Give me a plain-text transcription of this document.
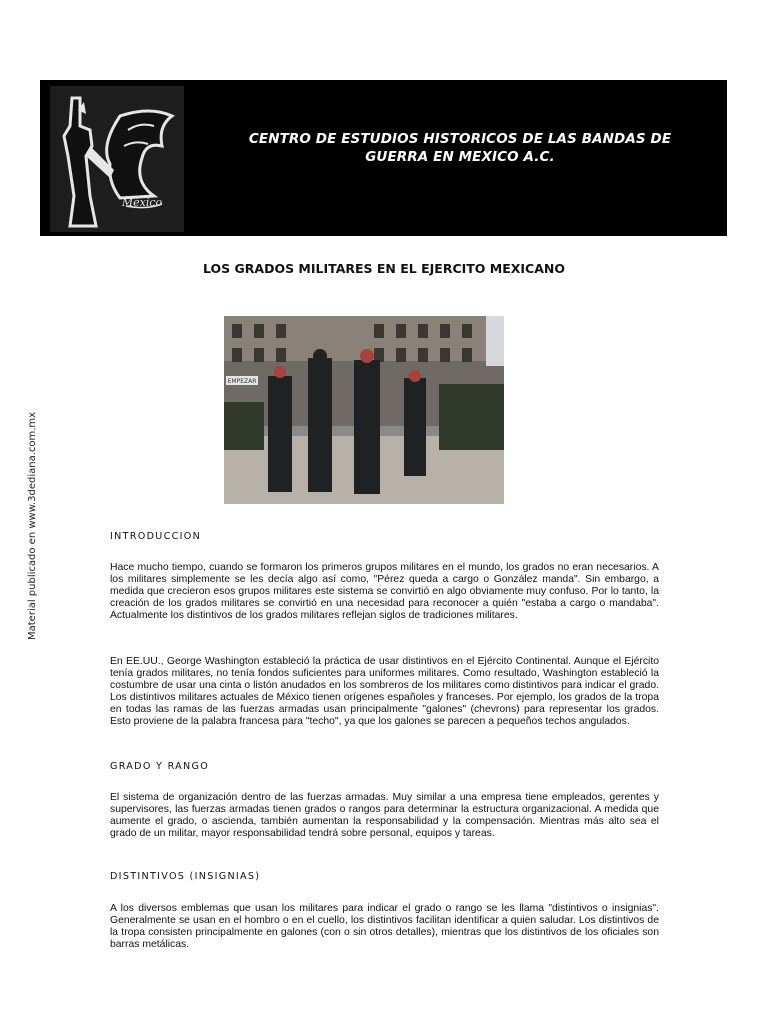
México
CENTRO DE ESTUDIOS HISTORICOS DE LAS BANDAS DE
GUERRA EN MEXICO A.C.
LOS GRADOS MILITARES EN EL EJERCITO MEXICANO
EMPEZAR
Material publicado en www.3dediana.com.mx	INTRODUCCION

Hace mucho tiempo, cuando se formaron los primeros grupos militares en el mundo, los grados no eran necesarios. A los militares simplemente se les decía algo así como, "Pérez queda a cargo o González manda". Sin embargo, a medida que crecieron esos grupos militares este sistema se convirtió en algo obviamente muy confuso. Por lo tanto, la creación de los grados militares se convirtió en una necesidad para reconocer a quién "estaba a cargo o mandaba". Actualmente los distintivos de los grados militares reflejan siglos de tradiciones militares.

En EE.UU., George Washington estableció la práctica de usar distintivos en el Ejército Continental. Aunque el Ejército tenía grados militares, no tenía fondos suficientes para uniformes militares. Como resultado, Washington estableció la costumbre de usar una cinta o listón anudados en los sombreros de los militares como distintivos para indicar el grado. Los distintivos militares actuales de México tienen orígenes españoles y franceses. Por ejemplo, los grados de la tropa en todas las ramas de las fuerzas armadas usan principalmente "galones" (chevrons) para representar los grados. Esto proviene de la palabra francesa para "techo", ya que los galones se parecen a pequeños techos angulados.

GRADO Y RANGO

El sistema de organización dentro de las fuerzas armadas. Muy similar a una empresa tiene empleados, gerentes y supervisores, las fuerzas armadas tienen grados o rangos para determinar la estructura organizacional. A medida que aumente el grado, o ascienda, también aumentan la responsabilidad y la compensación. Mientras más alto sea el grado de un militar, mayor responsabilidad tendrá sobre personal, equipos y tareas.

DISTINTIVOS (INSIGNIAS)

A los diversos emblemas que usan los militares para indicar el grado o rango se les llama "distintivos o insignias". Generalmente se usan en el hombro o en el cuello, los distintivos facilitan identificar a quien saludar. Los distintivos de la tropa consisten principalmente en galones (con o sin otros detalles), mientras que los distintivos de los oficiales son barras metálicas.
